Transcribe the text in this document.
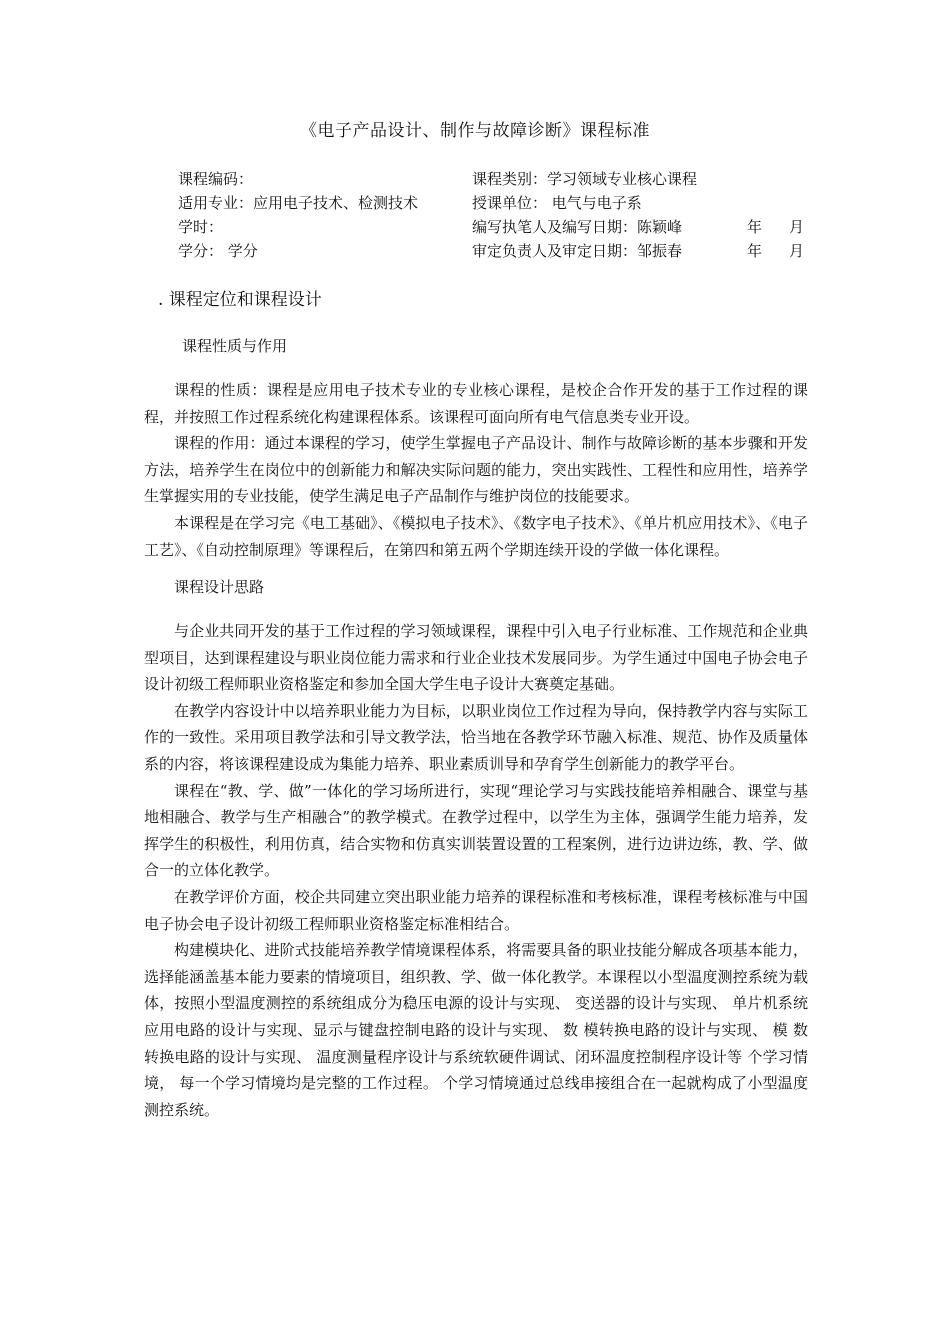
《电子产品设计、制作与故障诊断》课程标准
课程编码：	课程类别：学习领域专业核心课程
适用专业：应用电子技术、检测技术	授课单位： 电气与电子系
学时：	编写执笔人及编写日期：陈颖峰	年 月
学分： 学分	审定负责人及审定日期：邹振春	年 月
. 课程定位和课程设计
课程性质与作用

课程的性质：课程是应用电子技术专业的专业核心课程，是校企合作开发的基于工作过程的课程，并按照工作过程系统化构建课程体系。该课程可面向所有电气信息类专业开设。

课程的作用：通过本课程的学习，使学生掌握电子产品设计、制作与故障诊断的基本步骤和开发方法，培养学生在岗位中的创新能力和解决实际问题的能力，突出实践性、工程性和应用性，培养学生掌握实用的专业技能，使学生满足电子产品制作与维护岗位的技能要求。

本课程是在学习完《电工基础》、《模拟电子技术》、《数字电子技术》、《单片机应用技术》、《电子工艺》、《自动控制原理》等课程后，在第四和第五两个学期连续开设的学做一体化课程。

课程设计思路

与企业共同开发的基于工作过程的学习领域课程，课程中引入电子行业标准、工作规范和企业典型项目，达到课程建设与职业岗位能力需求和行业企业技术发展同步。为学生通过中国电子协会电子设计初级工程师职业资格鉴定和参加全国大学生电子设计大赛奠定基础。

在教学内容设计中以培养职业能力为目标，以职业岗位工作过程为导向，保持教学内容与实际工作的一致性。采用项目教学法和引导文教学法，恰当地在各教学环节融入标准、规范、协作及质量体系的内容，将该课程建设成为集能力培养、职业素质训导和孕育学生创新能力的教学平台。

课程在“教、学、做”一体化的学习场所进行，实现“理论学习与实践技能培养相融合、课堂与基地相融合、教学与生产相融合”的教学模式。在教学过程中，以学生为主体，强调学生能力培养，发挥学生的积极性，利用仿真，结合实物和仿真实训装置设置的工程案例，进行边讲边练，教、学、做合一的立体化教学。

在教学评价方面，校企共同建立突出职业能力培养的课程标准和考核标准，课程考核标准与中国电子协会电子设计初级工程师职业资格鉴定标准相结合。

构建模块化、进阶式技能培养教学情境课程体系，将需要具备的职业技能分解成各项基本能力，选择能涵盖基本能力要素的情境项目，组织教、学、做一体化教学。本课程以小型温度测控系统为载体，按照小型温度测控的系统组成分为稳压电源的设计与实现、 变送器的设计与实现、 单片机系统应用电路的设计与实现、显示与键盘控制电路的设计与实现、 数 模转换电路的设计与实现、 模 数转换电路的设计与实现、 温度测量程序设计与系统软硬件调试、闭环温度控制程序设计等 个学习情境， 每一个学习情境均是完整的工作过程。 个学习情境通过总线串接组合在一起就构成了小型温度测控系统。
